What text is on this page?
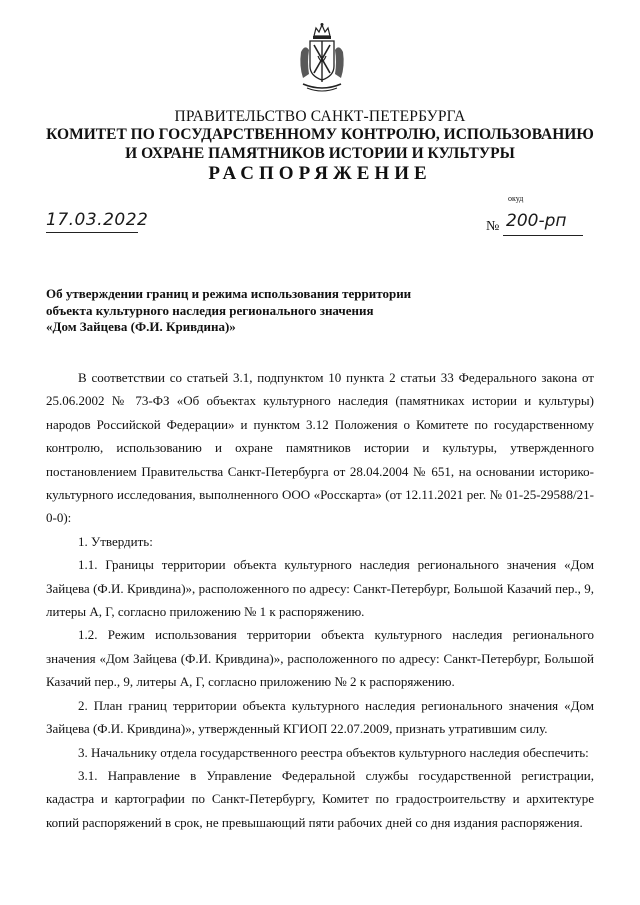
ПРАВИТЕЛЬСТВО САНКТ-ПЕТЕРБУРГА
КОМИТЕТ ПО ГОСУДАРСТВЕННОМУ КОНТРОЛЮ, ИСПОЛЬЗОВАНИЮ
И ОХРАНЕ ПАМЯТНИКОВ ИСТОРИИ И КУЛЬТУРЫ
РАСПОРЯЖЕНИЕ
окуд
17.03.2022	№ 200-рп
Об утверждении границ и режима использования территории
объекта культурного наследия регионального значения
«Дом Зайцева (Ф.И. Кривдина)»

В соответствии со статьей 3.1, подпунктом 10 пункта 2 статьи 33 Федерального закона от 25.06.2002 № 73-ФЗ «Об объектах культурного наследия (памятниках истории и культуры) народов Российской Федерации» и пунктом 3.12 Положения о Комитете по государственному контролю, использованию и охране памятников истории и культуры, утвержденного постановлением Правительства Санкт-Петербурга от 28.04.2004 № 651, на основании историко-культурного исследования, выполненного ООО «Росскарта» (от 12.11.2021 рег. № 01-25-29588/21-0-0):

1. Утвердить:

1.1. Границы территории объекта культурного наследия регионального значения «Дом Зайцева (Ф.И. Кривдина)», расположенного по адресу: Санкт-Петербург, Большой Казачий пер., 9, литеры А, Г, согласно приложению № 1 к распоряжению.

1.2. Режим использования территории объекта культурного наследия регионального значения «Дом Зайцева (Ф.И. Кривдина)», расположенного по адресу: Санкт-Петербург, Большой Казачий пер., 9, литеры А, Г, согласно приложению № 2 к распоряжению.

2. План границ территории объекта культурного наследия регионального значения «Дом Зайцева (Ф.И. Кривдина)», утвержденный КГИОП 22.07.2009, признать утратившим силу.

3. Начальнику отдела государственного реестра объектов культурного наследия обеспечить:

3.1. Направление в Управление Федеральной службы государственной регистрации, кадастра и картографии по Санкт-Петербургу, Комитет по градостроительству и архитектуре копий распоряжений в срок, не превышающий пяти рабочих дней со дня издания распоряжения.
